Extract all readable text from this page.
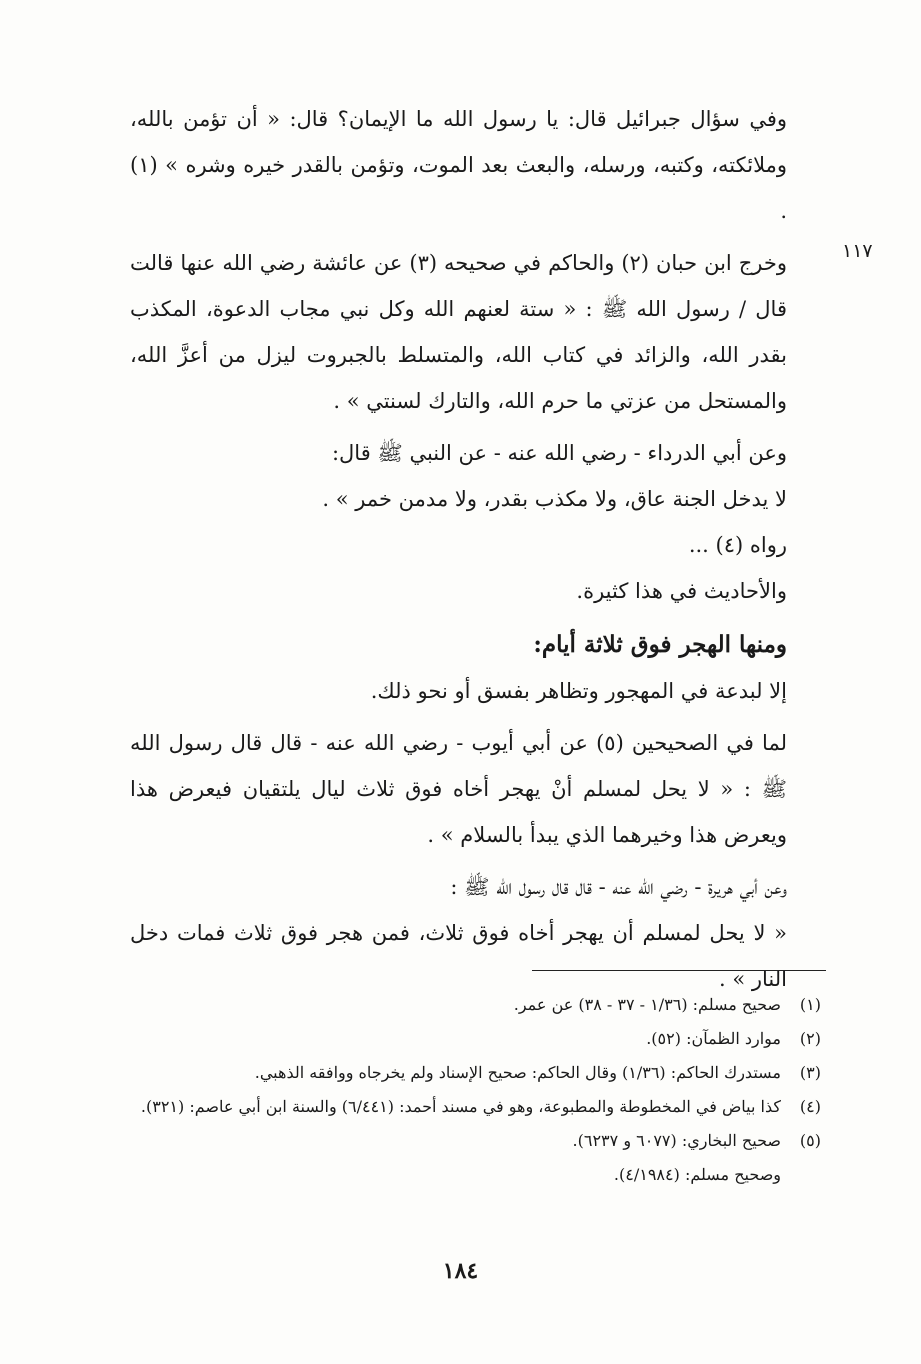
١١٧

وفي سؤال جبرائيل قال: يا رسول الله ما الإيمان؟ قال: « أن تؤمن بالله، وملائكته، وكتبه، ورسله، والبعث بعد الموت، وتؤمن بالقدر خيره وشره » (١) .

وخرج ابن حبان (٢) والحاكم في صحيحه (٣) عن عائشة رضي الله عنها قالت قال / رسول الله ﷺ : « ستة لعنهم الله وكل نبي مجاب الدعوة، المكذب بقدر الله، والزائد في كتاب الله، والمتسلط بالجبروت ليزل من أعزَّ الله، والمستحل من عزتي ما حرم الله، والتارك لسنتي » .

وعن أبي الدرداء - رضي الله عنه - عن النبي ﷺ قال:

لا يدخل الجنة عاق، ولا مكذب بقدر، ولا مدمن خمر » .

رواه (٤) ...

والأحاديث في هذا كثيرة.

ومنها الهجر فوق ثلاثة أيام:

إلا لبدعة في المهجور وتظاهر بفسق أو نحو ذلك.

لما في الصحيحين (٥) عن أبي أيوب - رضي الله عنه - قال قال رسول الله ﷺ : « لا يحل لمسلم أنْ يهجر أخاه فوق ثلاث ليال يلتقيان فيعرض هذا ويعرض هذا وخيرهما الذي يبدأ بالسلام » .

وعن أبي هريرة - رضي الله عنه - قال قال رسول الله ﷺ :

« لا يحل لمسلم أن يهجر أخاه فوق ثلاث، فمن هجر فوق ثلاث فمات دخل النار » .

(١)
صحيح مسلم: (١/٣٦ - ٣٧ - ٣٨) عن عمر.
(٢)
موارد الظمآن: (٥٢).
(٣)
مستدرك الحاكم: (١/٣٦) وقال الحاكم: صحيح الإسناد ولم يخرجاه ووافقه الذهبي.
(٤)
كذا بياض في المخطوطة والمطبوعة، وهو في مسند أحمد: (٦/٤٤١) والسنة ابن أبي عاصم: (٣٢١).
(٥)
صحيح البخاري: (٦٠٧٧ و ٦٢٣٧).
وصحيح مسلم: (٤/١٩٨٤).
١٨٤
